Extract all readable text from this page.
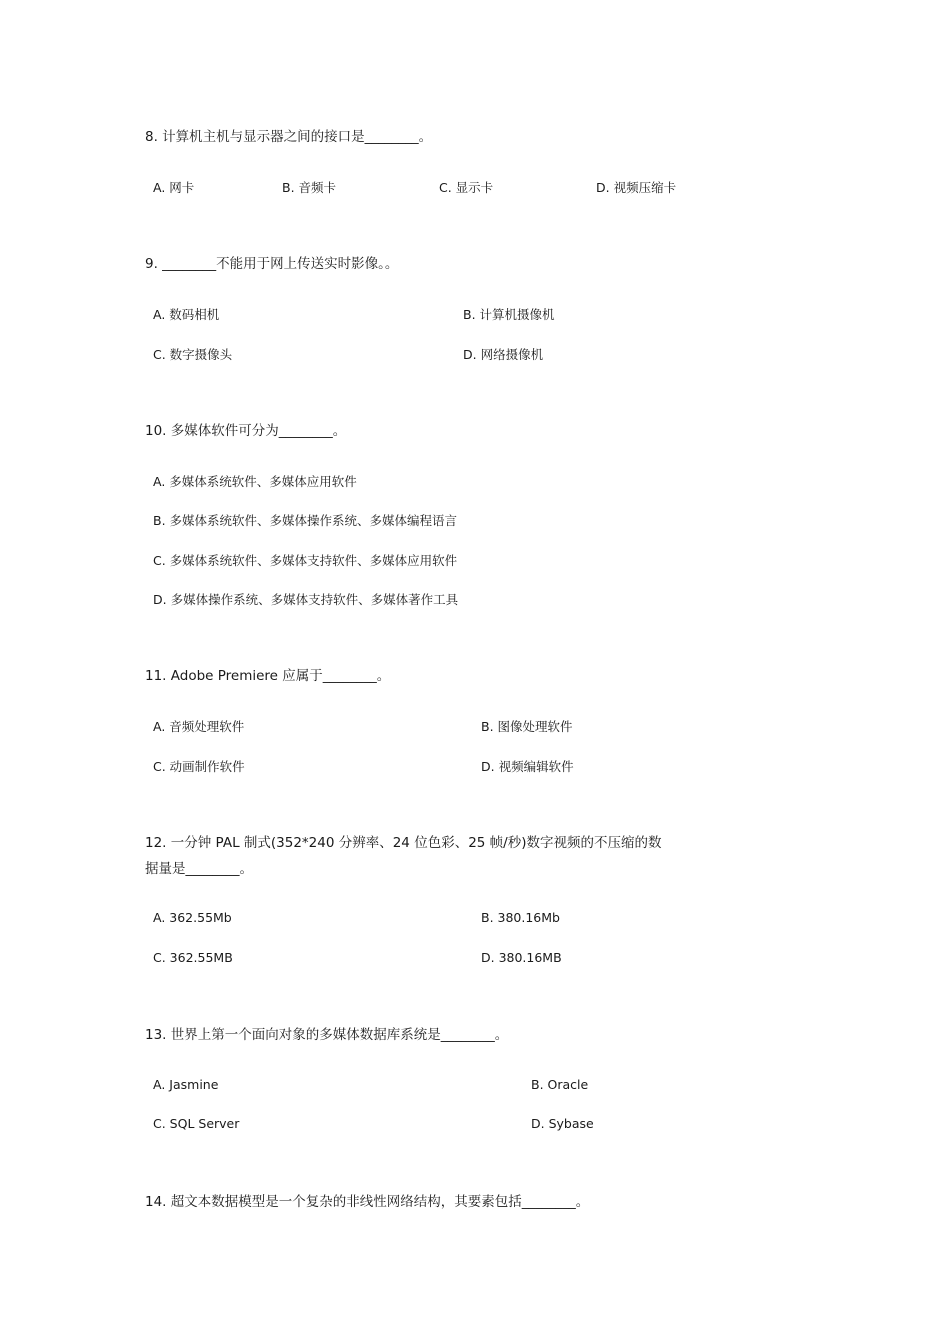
8. 计算机主机与显示器之间的接口是________。
A. 网卡	B. 音频卡	C. 显示卡	D. 视频压缩卡
9. ________不能用于网上传送实时影像。。
A. 数码相机	B. 计算机摄像机
C. 数字摄像头	D. 网络摄像机
10. 多媒体软件可分为________。
A. 多媒体系统软件、多媒体应用软件
B. 多媒体系统软件、多媒体操作系统、多媒体编程语言
C. 多媒体系统软件、多媒体支持软件、多媒体应用软件
D. 多媒体操作系统、多媒体支持软件、多媒体著作工具
11. Adobe Premiere 应属于________。
A. 音频处理软件	B. 图像处理软件
C. 动画制作软件	D. 视频编辑软件
12. 一分钟 PAL 制式(352*240 分辨率、24 位色彩、25 帧/秒)数字视频的不压缩的数
据量是________。
A. 362.55Mb	B. 380.16Mb
C. 362.55MB	D. 380.16MB
13. 世界上第一个面向对象的多媒体数据库系统是________。
A. Jasmine	B. Oracle
C. SQL Server	D. Sybase
14. 超文本数据模型是一个复杂的非线性网络结构，其要素包括________。
